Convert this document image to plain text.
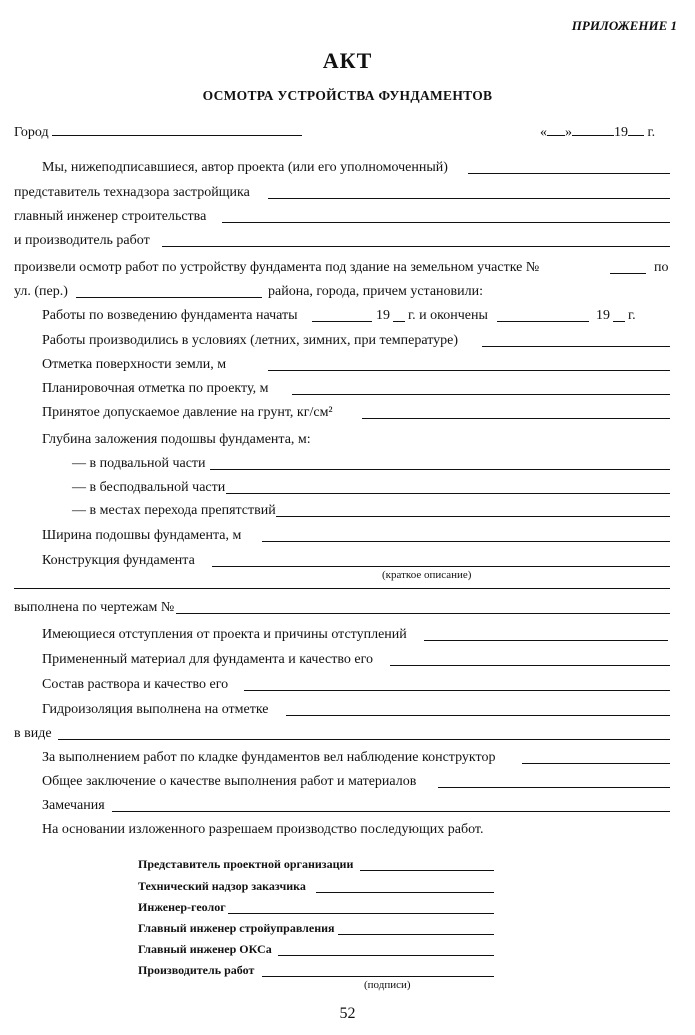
ПРИЛОЖЕНИЕ 1
АКТ
ОСМОТРА УСТРОЙСТВА ФУНДАМЕНТОВ
Город	« »	19 г.
Мы, нижеподписавшиеся, автор проекта (или его уполномоченный)
представитель технадзора застройщика
главный инженер строительства
и производитель работ
произвели осмотр работ по устройству фундамента под здание на земельном участке №	по
ул. (пер.)	района, города, причем установили:
Работы по возведению фундамента начаты	19 г. и окончены	19 г.
Работы производились в условиях (летних, зимних, при температуре)
Отметка поверхности земли, м
Планировочная отметка по проекту, м
Принятое допускаемое давление на грунт, кг/см²
Глубина заложения подошвы фундамента, м:
— в подвальной части
— в бесподвальной части
— в местах перехода препятствий
Ширина подошвы фундамента, м
Конструкция фундамента
(краткое описание)
выполнена по чертежам №
Имеющиеся отступления от проекта и причины отступлений
Примененный материал для фундамента и качество его
Состав раствора и качество его
Гидроизоляция выполнена на отметке
в виде
За выполнением работ по кладке фундаментов вел наблюдение конструктор
Общее заключение о качестве выполнения работ и материалов
Замечания
На основании изложенного разрешаем производство последующих работ.
Представитель проектной организации
Технический надзор заказчика
Инженер-геолог
Главный инженер стройуправления
Главный инженер ОКСа
Производитель работ
(подписи)
52
